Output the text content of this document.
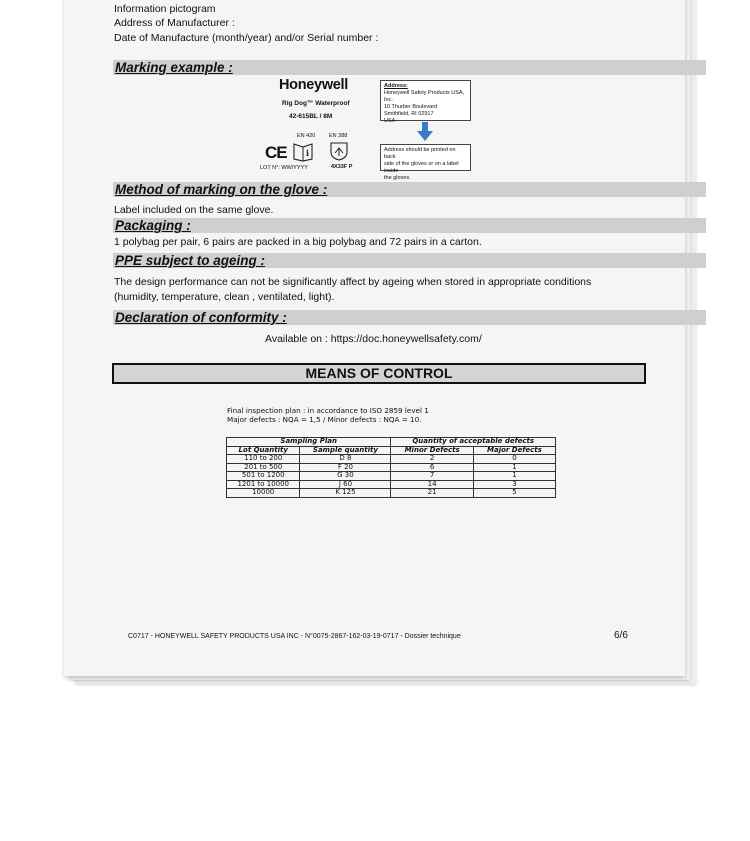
Information pictogram
Address of Manufacturer :
Date of Manufacture (month/year) and/or Serial number :
Marking example :
Honeywell
Rig Dog™ Waterproof
42-615BL / 8M
EN 420 EN 388
CE i
LOT N°: WW/YYYY	4X33F P
Address:
Honeywell Safety Products USA, Inc.
10 Thurber Boulevard
Smithfield, RI 02917
USA
Address should be printed on back
side of the gloves or on a label inside
the gloves.
Method of marking on the glove :
Label included on the same glove.
Packaging :
1 polybag per pair, 6 pairs are packed in a big polybag and 72 pairs in a carton.
PPE subject to ageing :
The design performance can not be significantly affect by ageing when stored in appropriate conditions
(humidity, temperature, clean , ventilated, light).
Declaration of conformity :
Available on : https://doc.honeywellsafety.com/
MEANS OF CONTROL
Final inspection plan : in accordance to ISO 2859 level 1
Major defects : NQA = 1,5 / Minor defects : NQA = 10.
Sampling Plan		Quantity of acceptable defects	
Lot Quantity	Sample quantity	Minor Defects	Major Defects
110 to 200	D 8	2	0
201 to 500	F 20	6	1
501 to 1200	G 30	7	1
1201 to 10000	J 60	14	3
10000	K 125	21	5
C0717 - HONEYWELL SAFETY PRODUCTS USA INC - N°0075-2867-162-03-19-0717 - Dossier technique	6/6
